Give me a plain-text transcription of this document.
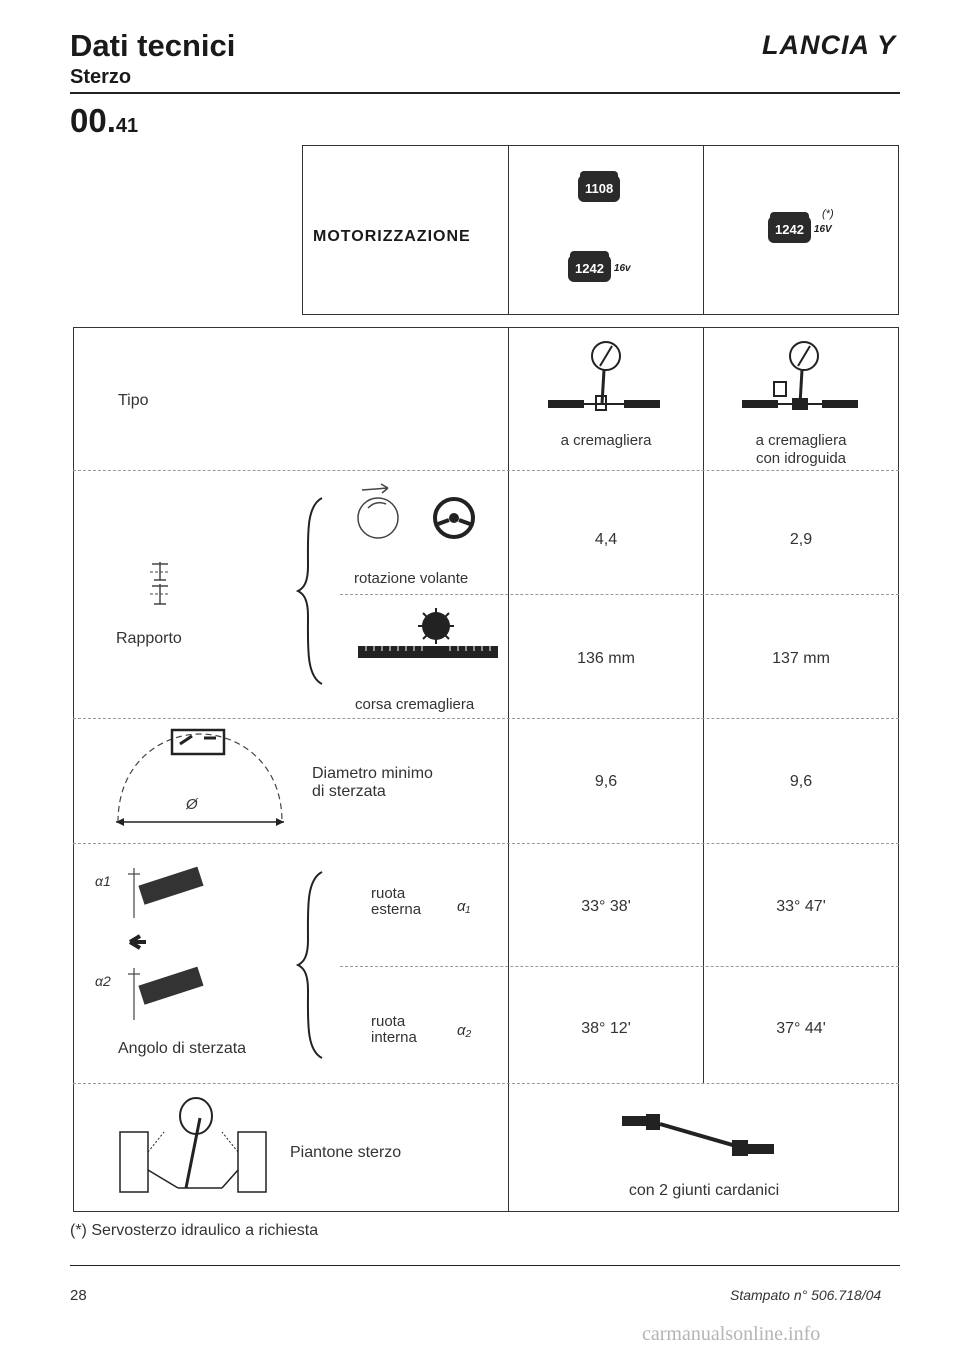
Dati tecnici
Sterzo
LANCIA Y
00.41
MOTORIZZAZIONE
1108
1242	16v
1242	16V
(*)
Tipo
a cremagliera	a cremagliera
con idroguida
Rapporto
rotazione volante
corsa cremagliera
4,4	2,9
136 mm	137 mm
Ø
Diametro minimo
di sterzata
9,6	9,6
α1
α2
Angolo di sterzata
ruota
esterna α₁
ruota
interna	α₂
33° 38'	33° 47'
38° 12'	37° 44'
Piantone sterzo
con 2 giunti cardanici
(*) Servosterzo idraulico a richiesta
28	Stampato n° 506.718/04
carmanualsonline.info
